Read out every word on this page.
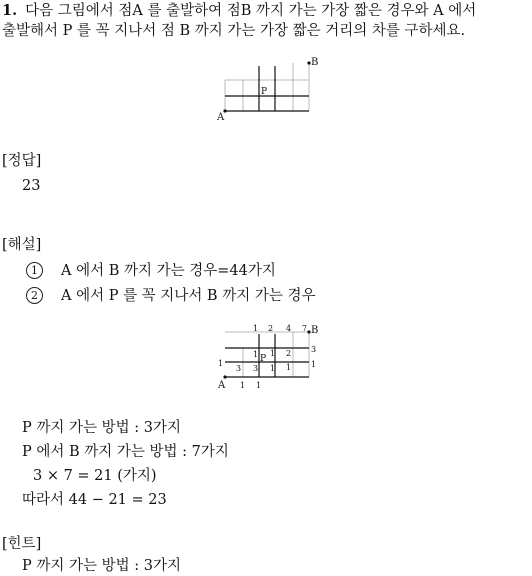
1. 다음 그림에서 점A 를 출발하여 점B 까지 가는 가장 짧은 경우와 A 에서
출발해서 P 를 꼭 지나서 점 B 까지 가는 가장 짧은 거리의 차를 구하세요.
A
B
P
[정답]
23
[해설]
1 A 에서 B 까지 가는 경우=44가지
2 A 에서 P 를 꼭 지나서 B 까지 가는 경우
A
B
P
1 2 4 7
3
1
1 1 2
3 3 1 1
1
1 1
P 까지 가는 방법 : 3가지
P 에서 B 까지 가는 방법 : 7가지
3 × 7 = 21 (가지)
따라서 44 − 21 = 23
[힌트]
P 까지 가는 방법 : 3가지
